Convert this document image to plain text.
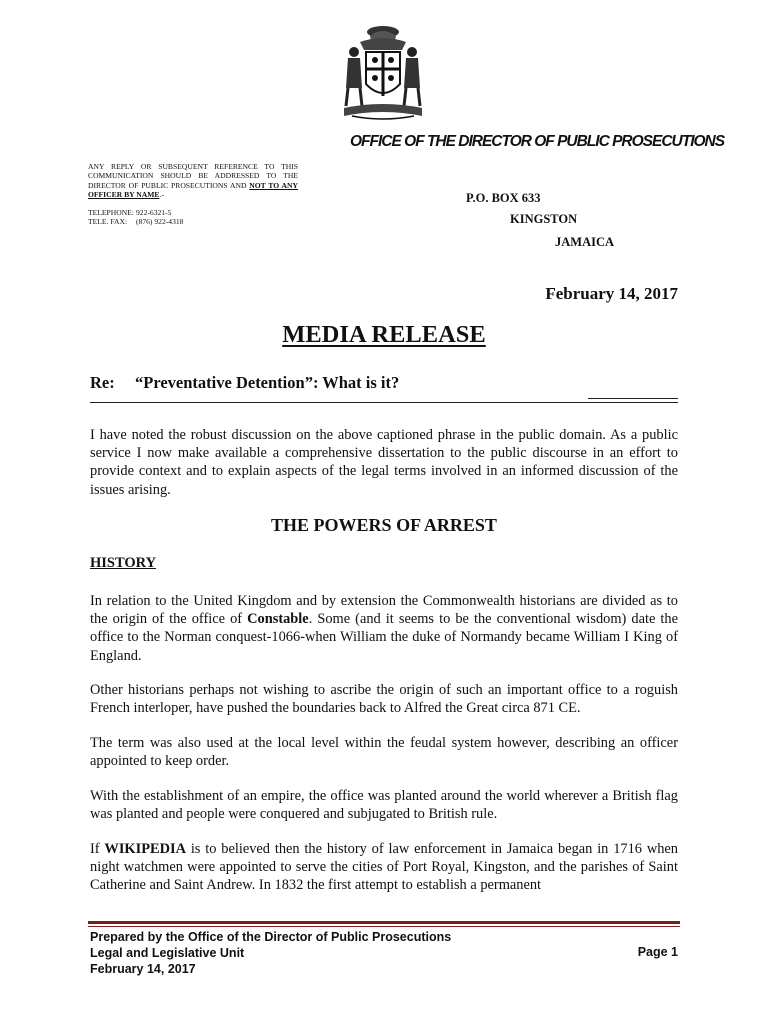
OFFICE OF THE DIRECTOR OF PUBLIC PROSECUTIONS
ANY REPLY OR SUBSEQUENT REFERENCE TO THIS COMMUNICATION SHOULD BE ADDRESSED TO THE DIRECTOR OF PUBLIC PROSECUTIONS AND NOT TO ANY OFFICER BY NAME.-
TELEPHONE: 922-6321-5
TELE. FAX: (876) 922-4318
P.O. BOX 633
KINGSTON
JAMAICA
February 14, 2017
MEDIA RELEASE
Re: “Preventative Detention”: What is it?

I have noted the robust discussion on the above captioned phrase in the public domain. As a public service I now make available a comprehensive dissertation to the public discourse in an effort to provide context and to explain aspects of the legal terms involved in an informed discussion of the issues arising.

THE POWERS OF ARREST
HISTORY

In relation to the United Kingdom and by extension the Commonwealth historians are divided as to the origin of the office of Constable. Some (and it seems to be the conventional wisdom) date the office to the Norman conquest-1066-when William the duke of Normandy became William I King of England.

Other historians perhaps not wishing to ascribe the origin of such an important office to a roguish French interloper, have pushed the boundaries back to Alfred the Great circa 871 CE.

The term was also used at the local level within the feudal system however, describing an officer appointed to keep order.

With the establishment of an empire, the office was planted around the world wherever a British flag was planted and people were conquered and subjugated to British rule.

If WIKIPEDIA is to believed then the history of law enforcement in Jamaica began in 1716 when night watchmen were appointed to serve the cities of Port Royal, Kingston, and the parishes of Saint Catherine and Saint Andrew. In 1832 the first attempt to establish a permanent

Prepared by the Office of the Director of Public Prosecutions
Legal and Legislative Unit
February 14, 2017
Page 1
